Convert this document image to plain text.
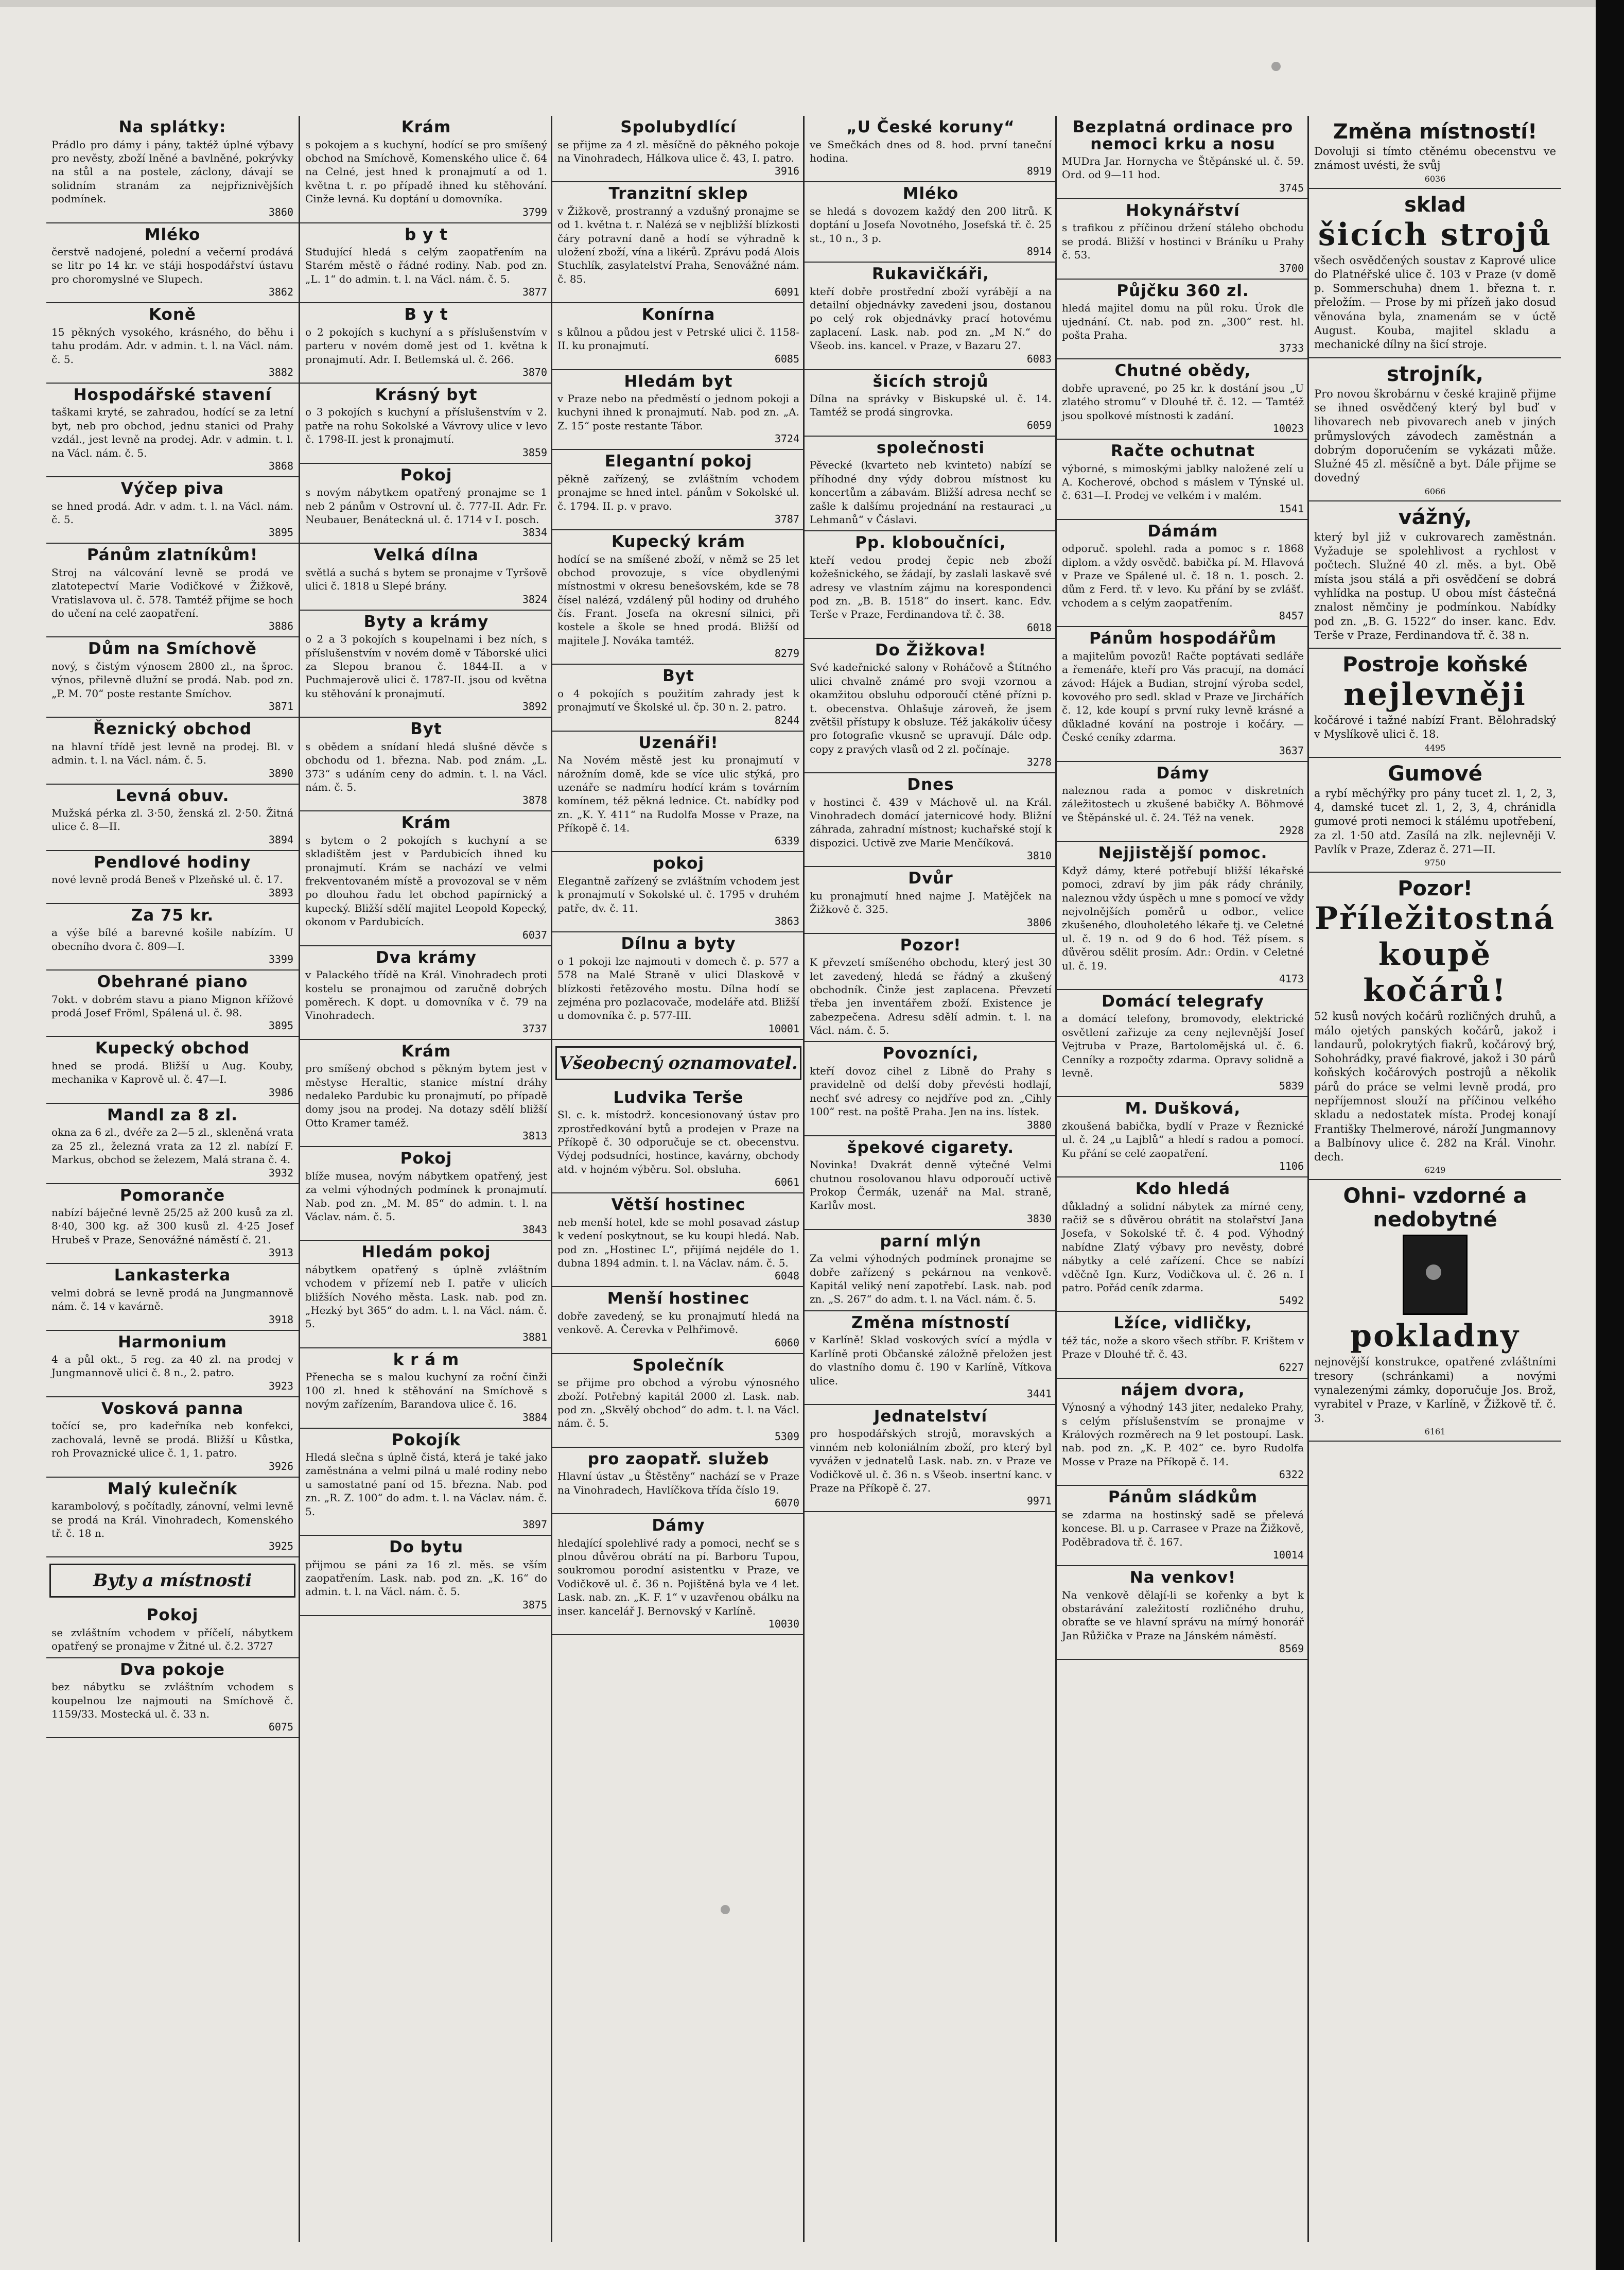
Na splátky:

Prádlo pro dámy i pány, taktéž úplné výbavy pro nevěsty, zboží lněné a bavlněné, pokrývky na stůl a na postele, záclony, dávají se solidním stranám za nejpřiznivějších podmínek.

3860
Mléko

čerstvě nadojené, polední a večerní prodává se litr po 14 kr. ve stáji hospodářství ústavu pro choromyslné ve Slupech.

3862
Koně

15 pěkných vysokého, krásného, do běhu i tahu prodám. Adr. v admin. t. l. na Václ. nám. č. 5.

3882
Hospodářské stavení

taškami kryté, se zahradou, hodící se za letní byt, neb pro obchod, jednu stanici od Prahy vzdál., jest levně na prodej. Adr. v admin. t. l. na Václ. nám. č. 5.

3868
Výčep piva

se hned prodá. Adr. v adm. t. l. na Václ. nám. č. 5.

3895
Pánům zlatníkům!

Stroj na válcování levně se prodá ve zlatotepectví Marie Vodičkové v Žižkově, Vratislavova ul. č. 578. Tamtéž přijme se hoch do učení na celé zaopatření.

3886
Dům na Smíchově

nový, s čistým výnosem 2800 zl., na šproc. výnos, přilevně dlužní se prodá. Nab. pod zn. „P. M. 70“ poste restante Smíchov.

3871
Řeznický obchod

na hlavní třídě jest levně na prodej. Bl. v admin. t. l. na Václ. nám. č. 5.

3890
Levná obuv.

Mužská pérka zl. 3·50, ženská zl. 2·50. Žitná ulice č. 8—II.

3894
Pendlové hodiny

nové levně prodá Beneš v Plzeňské ul. č. 17.

3893
Za 75 kr.

a výše bílé a barevné košile nabízím. U obecního dvora č. 809—I.

3399
Obehrané piano

7okt. v dobrém stavu a piano Mignon křížové prodá Josef Fröml, Spálená ul. č. 98.

3895
Kupecký obchod

hned se prodá. Bližší u Aug. Kouby, mechanika v Kaprově ul. č. 47—I.

3986
Mandl za 8 zl.

okna za 6 zl., dvéře za 2—5 zl., skleněná vrata za 25 zl., železná vrata za 12 zl. nabízí F. Markus, obchod se železem, Malá strana č. 4.

3932
Pomoranče

nabízí báječné levně 25/25 až 200 kusů za zl. 8·40, 300 kg. až 300 kusů zl. 4·25 Josef Hrubeš v Praze, Senovážné náměstí č. 21.

3913
Lankasterka

velmi dobrá se levně prodá na Jungmannově nám. č. 14 v kavárně.

3918
Harmonium

4 a půl okt., 5 reg. za 40 zl. na prodej v Jungmannově ulici č. 8 n., 2. patro.

3923
Vosková panna

točící se, pro kadeřníka neb konfekci, zachovalá, levně se prodá. Bližší u Kůstka, roh Provaznické ulice č. 1, 1. patro.

3926
Malý kulečník

karambolový, s počítadly, zánovní, velmi levně se prodá na Král. Vinohradech, Komenského tř. č. 18 n.

3925
Byty a místnosti
Pokoj

se zvláštním vchodem v příčelí, nábytkem opatřený se pronajme v Žitné ul. č.2. 3727

Dva pokoje

bez nábytku se zvláštním vchodem s koupelnou lze najmouti na Smíchově č. 1159/33. Mostecká ul. č. 33 n.

6075
Krám

s pokojem a s kuchyní, hodící se pro smíšený obchod na Smíchově, Komenského ulice č. 64 na Celné, jest hned k pronajmutí a od 1. května t. r. po případě ihned ku stěhování. Cinže levná. Ku doptání u domovníka.

3799
b y t

Studující hledá s celým zaopatřením na Starém městě o řádné rodiny. Nab. pod zn. „L. 1“ do admin. t. l. na Václ. nám. č. 5.

3877
B y t

o 2 pokojích s kuchyní a s příslušenstvím v parteru v novém domě jest od 1. května k pronajmutí. Adr. I. Betlemská ul. č. 266.

3870
Krásný byt

o 3 pokojích s kuchyní a příslušenstvím v 2. patře na rohu Sokolské a Vávrovy ulice v levo č. 1798-II. jest k pronajmutí.

3859
Pokoj

s novým nábytkem opatřený pronajme se 1 neb 2 pánům v Ostrovní ul. č. 777-II. Adr. Fr. Neubauer, Benáteckná ul. č. 1714 v I. posch.

3834
Velká dílna

světlá a suchá s bytem se pronajme v Tyršově ulici č. 1818 u Slepé brány.

3824
Byty a krámy

o 2 a 3 pokojích s koupelnami i bez ních, s příslušenstvím v novém domě v Táborské ulici za Slepou branou č. 1844-II. a v Puchmajerově ulici č. 1787-II. jsou od května ku stěhování k pronajmutí.

3892
Byt

s obědem a snídaní hledá slušné děvče s obchodu od 1. března. Nab. pod znám. „L. 373“ s udáním ceny do admin. t. l. na Václ. nám. č. 5.

3878
Krám

s bytem o 2 pokojích s kuchyní a se skladištěm jest v Pardubicích ihned ku pronajmutí. Krám se nachází ve velmi frekventovaném místě a provozoval se v něm po dlouhou řadu let obchod papírnický a kupecký. Bližší sdělí majitel Leopold Kopecký, okonom v Pardubicích.

6037
Dva krámy

v Palackého třídě na Král. Vinohradech proti kostelu se pronajmou od zaručně dobrých poměrech. K dopt. u domovníka v č. 79 na Vinohradech.

3737
Krám

pro smíšený obchod s pěkným bytem jest v městyse Heraltic, stanice místní dráhy nedaleko Pardubic ku pronajmutí, po případě domy jsou na prodej. Na dotazy sdělí bližší Otto Kramer taméž.

3813
Pokoj

blíže musea, novým nábytkem opatřený, jest za velmi výhodných podmínek k pronajmutí. Nab. pod zn. „M. M. 85“ do admin. t. l. na Václav. nám. č. 5.

3843
Hledám pokoj

nábytkem opatřený s úplně zvláštním vchodem v přízemí neb I. patře v ulicích bližších Nového města. Lask. nab. pod zn. „Hezký byt 365“ do adm. t. l. na Václ. nám. č. 5.

3881
k r á m

Přenecha se s malou kuchyní za roční činži 100 zl. hned k stěhování na Smíchově s novým zařízením, Barandova ulice č. 16.

3884
Pokojík

Hledá slečna s úplně čistá, která je také jako zaměstnána a velmi pilná u malé rodiny nebo u samostatné paní od 15. března. Nab. pod zn. „R. Z. 100“ do adm. t. l. na Václav. nám. č. 5.

3897
Do bytu

přijmou se páni za 16 zl. měs. se vším zaopatřením. Lask. nab. pod zn. „K. 16“ do admin. t. l. na Václ. nám. č. 5.

3875
Spolubydlící

se přijme za 4 zl. měsíčně do pěkného pokoje na Vinohradech, Hálkova ulice č. 43, I. patro.

3916
Tranzitní sklep

v Žižkově, prostranný a vzdušný pronajme se od 1. května t. r. Nalézá se v nejbližší blízkosti čáry potravní daně a hodí se výhradně k uložení zboží, vína a likérů. Zprávu podá Alois Stuchlík, zasylatelství Praha, Senovážné nám. č. 85.

6091
Konírna

s kůlnou a půdou jest v Petrské ulici č. 1158-II. ku pronajmutí.

6085
Hledám byt

v Praze nebo na předměstí o jednom pokoji a kuchyni ihned k pronajmutí. Nab. pod zn. „A. Z. 15“ poste restante Tábor.

3724
Elegantní pokoj

pěkně zařízený, se zvláštním vchodem pronajme se hned intel. pánům v Sokolské ul. č. 1794. II. p. v pravo.

3787
Kupecký krám

hodící se na smíšené zboží, v němž se 25 let obchod provozuje, s více obydlenými místnostmi v okresu benešovském, kde se 78 čísel nalézá, vzdálený půl hodiny od druhého čís. Frant. Josefa na okresní silnici, při kostele a škole se hned prodá. Bližší od majitele J. Nováka tamtéž.

8279
Byt

o 4 pokojích s použitím zahrady jest k pronajmutí ve Školské ul. čp. 30 n. 2. patro.

8244
Uzenáři!

Na Novém městě jest ku pronajmutí v nárožním domě, kde se více ulic stýká, pro uzenáře se nadmíru hodící krám s továrním komínem, též pěkná lednice. Ct. nabídky pod zn. „K. Y. 411“ na Rudolfa Mosse v Praze, na Příkopě č. 14.

6339
pokoj

Elegantně zařízený se zvláštním vchodem jest k pronajmutí v Sokolské ul. č. 1795 v druhém patře, dv. č. 11.

3863
Dílnu a byty

o 1 pokoji lze najmouti v domech č. p. 577 a 578 na Malé Straně v ulici Dlaskově v blízkosti řetězového mostu. Dílna hodí se zejména pro pozlacovače, modeláře atd. Bližší u domovníka č. p. 577-III.

10001
Všeobecný oznamovatel.
Ludvika Terše

Sl. c. k. místodrž. koncesionovaný ústav pro zprostředkování bytů a prodejen v Praze na Příkopě č. 30 odporučuje se ct. obecenstvu. Výdej podsudníci, hostince, kavárny, obchody atd. v hojném výběru. Sol. obsluha.

6061
Větší hostinec

neb menší hotel, kde se mohl posavad zástup k vedení poskytnout, se ku koupi hledá. Nab. pod zn. „Hostinec L“, přijímá nejdéle do 1. dubna 1894 admin. t. l. na Václav. nám. č. 5.

6048
Menší hostinec

dobře zavedený, se ku pronajmutí hledá na venkově. A. Čerevka v Pelhřimově.

6060
Společník

se přijme pro obchod a výrobu výnosného zboží. Potřebný kapitál 2000 zl. Lask. nab. pod zn. „Skvělý obchod“ do adm. t. l. na Václ. nám. č. 5.

5309
pro zaopatř. služeb

Hlavní ústav „u Štěstěny“ nachází se v Praze na Vinohradech, Havlíčkova třída číslo 19.

6070
Dámy

hledající spolehlivé rady a pomoci, nechť se s plnou důvěrou obrátí na pí. Barboru Tupou, soukromou porodní asistentku v Praze, ve Vodičkově ul. č. 36 n. Pojištěná byla ve 4 let. Lask. nab. zn. „K. F. 1“ v uzavřenou obálku na inser. kancelář J. Bernovský v Karlíně.

10030
„U České koruny“

ve Smečkách dnes od 8. hod. první taneční hodina.

8919
Mléko

se hledá s dovozem každý den 200 litrů. K doptání u Josefa Novotného, Josefská tř. č. 25 st., 10 n., 3 p.

8914
Rukavičkáři,

kteří dobře prostřední zboží vyrábějí a na detailní objednávky zavedeni jsou, dostanou po celý rok objednávky prací hotovému zaplacení. Lask. nab. pod zn. „M N.“ do Všeob. ins. kancel. v Praze, v Bazaru 27.

6083
šicích strojů

Dílna na správky v Biskupské ul. č. 14. Tamtéž se prodá singrovka.

6059
společnosti

Pěvecké (kvarteto neb kvinteto) nabízí se příhodné dny výdy dobrou místnost ku koncertům a zábavám. Bližší adresa nechť se zašle k dalšímu projednání na restauraci „u Lehmanů“ v Čáslavi.

Pp. kloboučníci,

kteří vedou prodej čepic neb zboží kožešnického, se žádají, by zaslali laskavě své adresy ve vlastním zájmu na korespondenci pod zn. „B. B. 1518“ do insert. kanc. Edv. Terše v Praze, Ferdinandova tř. č. 38.

6018
Do Žižkova!

Své kadeřnické salony v Roháčově a Štítného ulici chvalně známé pro svoji vzornou a okamžitou obsluhu odporoučí ctěné přízni p. t. obecenstva. Ohlašuje zároveň, že jsem zvětšil přístupy k obsluze. Též jakákoliv účesy pro fotografie vkusně se upravují. Dále odp. copy z pravých vlasů od 2 zl. počínaje.

3278
Dnes

v hostinci č. 439 v Máchově ul. na Král. Vinohradech domácí jaternicové hody. Bližní záhrada, zahradní místnost; kuchařské stojí k dispozici. Uctivě zve Marie Menčíková.

3810
Dvůr

ku pronajmutí hned najme J. Matějček na Žižkově č. 325.

3806
Pozor!

K převzetí smíšeného obchodu, který jest 30 let zavedený, hledá se řádný a zkušený obchodník. Činže jest zaplacena. Převzetí třeba jen inventářem zboží. Existence je zabezpečena. Adresu sdělí admin. t. l. na Václ. nám. č. 5.

Povozníci,

kteří dovoz cihel z Libně do Prahy s pravidelně od delší doby převésti hodlají, nechť své adresy co nejdříve pod zn. „Cihly 100“ rest. na poště Praha. Jen na ins. lístek.

3880
špekové cigarety.

Novinka! Dvakrát denně výtečné Velmi chutnou rosolovanou hlavu odporoučí uctivě Prokop Čermák, uzenář na Mal. straně, Karlův most.

3830
parní mlýn

Za velmi výhodných podmínek pronajme se dobře zařízený s pekárnou na venkově. Kapitál veliký není zapotřebí. Lask. nab. pod zn. „S. 267“ do adm. t. l. na Václ. nám. č. 5.

Změna místností

v Karlíně! Sklad voskových svící a mýdla v Karlíně proti Občanské záložně přeložen jest do vlastního domu č. 190 v Karlíně, Vítkova ulice.

3441
Jednatelství

pro hospodářských strojů, moravských a vinném neb koloniálním zboží, pro který byl vyvážen v jednatelů Lask. nab. zn. v Praze ve Vodičkově ul. č. 36 n. s Všeob. insertní kanc. v Praze na Příkopě č. 27.

9971
Bezplatná ordinace pro nemoci krku a nosu

MUDra Jar. Hornycha ve Štěpánské ul. č. 59. Ord. od 9—11 hod.

3745
Hokynářství

s trafikou z příčinou držení stáleho obchodu se prodá. Bližší v hostinci v Bráníku u Prahy č. 53.

3700
Půjčku 360 zl.

hledá majitel domu na půl roku. Úrok dle ujednání. Ct. nab. pod zn. „300“ rest. hl. pošta Praha.

3733
Chutné obědy,

dobře upravené, po 25 kr. k dostání jsou „U zlatého stromu“ v Dlouhé tř. č. 12. — Tamtéž jsou spolkové místnosti k zadání.

10023
Račte ochutnat

výborné, s mimoskými jablky naložené zelí u A. Kocherové, obchod s máslem v Týnské ul. č. 631—I. Prodej ve velkém i v malém.

1541
Dámám

odporuč. spolehl. rada a pomoc s r. 1868 diplom. a vždy osvědč. babička pí. M. Hlavová v Praze ve Spálené ul. č. 18 n. 1. posch. 2. dům z Ferd. tř. v levo. Ku přání by se zvlášť. vchodem a s celým zaopatřením.

8457
Pánům hospodářům

a majitelům povozů! Račte poptávati sedláře a řemenáře, kteří pro Vás pracují, na domácí závod: Hájek a Budian, strojní výroba sedel, kovového pro sedl. sklad v Praze ve Jirchářích č. 12, kde koupí s první ruky levně krásné a důkladné kování na postroje i kočáry. — České ceníky zdarma.

3637
Dámy

naleznou rada a pomoc v diskretních záležitostech u zkušené babičky A. Böhmové ve Štěpánské ul. č. 24. Též na venek.

2928
Nejjistější pomoc.

Když dámy, které potřebují bližší lékařské pomoci, zdraví by jim pák rády chránily, naleznou vždy úspěch u mne s pomocí ve vždy nejvolnějších poměrů u odbor., velice zkušeného, dlouholetého lékaře tj. ve Celetné ul. č. 19 n. od 9 do 6 hod. Též písem. s důvěrou sdělit prosím. Adr.: Ordin. v Celetné ul. č. 19.

4173
Domácí telegrafy

a domácí telefony, bromovody, elektrické osvětlení zařizuje za ceny nejlevnější Josef Vejtruba v Praze, Bartolomějská ul. č. 6. Cenníky a rozpočty zdarma. Opravy solidně a levně.

5839
M. Dušková,

zkoušená babička, bydlí v Praze v Řeznické ul. č. 24 „u Lajblů“ a hledí s radou a pomocí. Ku přání se celé zaopatření.

1106
Kdo hledá

důkladný a solidní nábytek za mírné ceny, račiž se s důvěrou obrátit na stolařství Jana Josefa, v Sokolské tř. č. 4 pod. Výhodný nabídne Zlatý výbavy pro nevěsty, dobré nábytky a celé zařízení. Chce se nabízí vděčně Ign. Kurz, Vodičkova ul. č. 26 n. I patro. Pořád ceník zdarma.

5492
Lžíce, vidličky,

též tác, nože a skoro všech stříbr. F. Krištem v Praze v Dlouhé tř. č. 43.

6227
nájem dvora,

Výnosný a výhodný 143 jiter, nedaleko Prahy, s celým příslušenstvím se pronajme v Králových rozměrech na 9 let postoupí. Lask. nab. pod zn. „K. P. 402“ ce. byro Rudolfa Mosse v Praze na Příkopě č. 14.

6322
Pánům sládkům

se zdarma na hostinský sadě se přelevá koncese. Bl. u p. Carrasee v Praze na Žižkově, Poděbradova tř. č. 167.

10014
Na venkov!

Na venkově dělají-li se kořenky a byt k obstarávání zaležitostí rozličného druhu, obraťte se ve hlavní správu na mírný honorář Jan Růžička v Praze na Jánském náměstí.

8569
Změna místností!

Dovoluji si tímto ctěnému obecenstvu ve známost uvésti, že svůj

6036
sklad
šicích strojů

všech osvědčených soustav z Kaprové ulice do Platnéřské ulice č. 103 v Praze (v domě p. Sommerschuha) dnem 1. března t. r. přeložím. — Prose by mi přízeň jako dosud věnována byla, znamenám se v úctě August. Kouba, majitel skladu a mechanické dílny na šicí stroje.

strojník,

Pro novou škrobárnu v české krajině přijme se ihned osvědčený který byl buď v lihovarech neb pivovarech aneb v jiných průmyslových závodech zaměstnán a dobrým doporučením se vykázati může. Služné 45 zl. měsíčně a byt. Dále přijme se dovedný

6066
vážný,

který byl již v cukrovarech zaměstnán. Vyžaduje se spolehlivost a rychlost v počtech. Služné 40 zl. měs. a byt. Obě místa jsou stálá a při osvědčení se dobrá vyhlídka na postup. U obou míst částečná znalost němčiny je podmínkou. Nabídky pod zn. „B. G. 1522“ do inser. kanc. Edv. Terše v Praze, Ferdinandova tř. č. 38 n.

Postroje koňské
nejlevněji

kočárové i tažné nabízí Frant. Bělohradský v Myslíkově ulici č. 18.

4495
Gumové

a rybí měchýřky pro pány tucet zl. 1, 2, 3, 4, damské tucet zl. 1, 2, 3, 4, chránidla gumové proti nemoci k stálému upotřebení, za zl. 1·50 atd. Zasílá na zlk. nejlevněji V. Pavlík v Praze, Zderaz č. 271—II.

9750
Pozor!
Příležitostná koupě kočárů!

52 kusů nových kočárů rozličných druhů, a málo ojetých panských kočárů, jakož i landaurů, polokrytých fiakrů, kočárový brý, Sohohrádky, pravé fiakrové, jakož i 30 párů koňských kočárových postrojů a několik párů do práce se velmi levně prodá, pro nepříjemnost slouží na příčinou velkého skladu a nedostatek místa. Prodej konají Františky Thelmerové, nároží Jungmannovy a Balbínovy ulice č. 282 na Král. Vinohr. dech.

6249
Ohni- vzdorné a nedobytné
pokladny

nejnovější konstrukce, opatřené zvláštními tresory (schránkami) a novými vynalezenými zámky, doporučuje Jos. Brož, vyrabitel v Praze, v Karlíně, v Žižkově tř. č. 3.

6161
